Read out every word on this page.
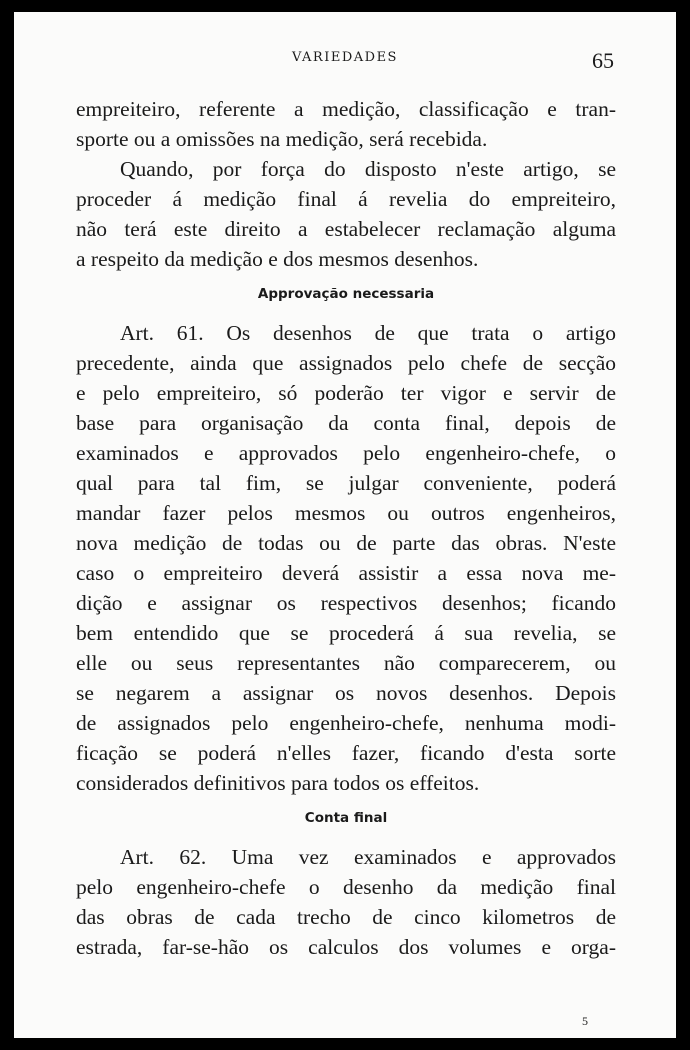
VARIEDADES	65

empreiteiro, referente a medição, classificação e tran-
sporte ou a omissões na medição, será recebida.

Quando, por força do disposto n'este artigo, se
proceder á medição final á revelia do empreiteiro,
não terá este direito a estabelecer reclamação alguma
a respeito da medição e dos mesmos desenhos.

Approvação necessaria

Art. 61. Os desenhos de que trata o artigo
precedente, ainda que assignados pelo chefe de secção
e pelo empreiteiro, só poderão ter vigor e servir de
base para organisação da conta final, depois de
examinados e approvados pelo engenheiro-chefe, o
qual para tal fim, se julgar conveniente, poderá
mandar fazer pelos mesmos ou outros engenheiros,
nova medição de todas ou de parte das obras. N'este
caso o empreiteiro deverá assistir a essa nova me-
dição e assignar os respectivos desenhos; ficando
bem entendido que se procederá á sua revelia, se
elle ou seus representantes não comparecerem, ou
se negarem a assignar os novos desenhos. Depois
de assignados pelo engenheiro-chefe, nenhuma modi-
ficação se poderá n'elles fazer, ficando d'esta sorte
considerados definitivos para todos os effeitos.

Conta final

Art. 62. Uma vez examinados e approvados
pelo engenheiro-chefe o desenho da medição final
das obras de cada trecho de cinco kilometros de
estrada, far-se-hão os calculos dos volumes e orga-

5
